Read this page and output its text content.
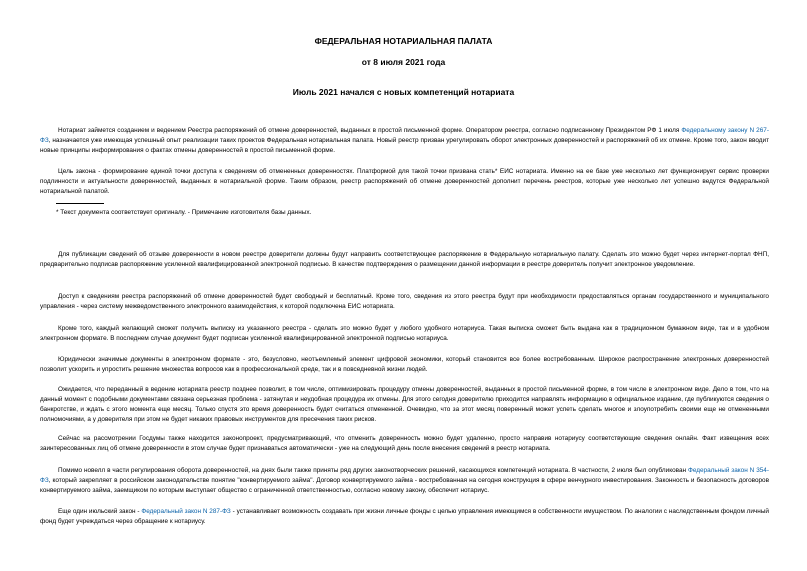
ФЕДЕРАЛЬНАЯ НОТАРИАЛЬНАЯ ПАЛАТА
от 8 июля 2021 года
Июль 2021 начался с новых компетенций нотариата

Нотариат займется созданием и ведением Реестра распоряжений об отмене доверенностей, выданных в простой письменной форме. Оператором реестра, согласно подписанному Президентом РФ 1 июля Федеральному закону N 267-ФЗ, назначается уже имеющая успешный опыт реализации таких проектов Федеральная нотариальная палата. Новый реестр призван урегулировать оборот электронных доверенностей и распоряжений об их отмене. Кроме того, закон вводит новые принципы информирования о фактах отмены доверенностей в простой письменной форме.

Цель закона - формирование единой точки доступа к сведениям об отмененных доверенностях. Платформой для такой точки призвана стать* ЕИС нотариата. Именно на ее базе уже несколько лет функционирует сервис проверки подлинности и актуальности доверенностей, выданных в нотариальной форме. Таким образом, реестр распоряжений об отмене доверенностей дополнит перечень реестров, которые уже несколько лет успешно ведутся Федеральной нотариальной палатой.

* Текст документа соответствует оригиналу. - Примечание изготовителя базы данных.

Для публикации сведений об отзыве доверенности в новом реестре доверители должны будут направить соответствующее распоряжение в Федеральную нотариальную палату. Сделать это можно будет через интернет-портал ФНП, предварительно подписав распоряжение усиленной квалифицированной электронной подписью. В качестве подтверждения о размещении данной информации в реестре доверитель получит электронное уведомление.

Доступ к сведениям реестра распоряжений об отмене доверенностей будет свободный и бесплатный. Кроме того, сведения из этого реестра будут при необходимости предоставляться органам государственного и муниципального управления - через систему межведомственного электронного взаимодействия, к которой подключена ЕИС нотариата.

Кроме того, каждый желающий сможет получить выписку из указанного реестра - сделать это можно будет у любого удобного нотариуса. Такая выписка сможет быть выдана как в традиционном бумажном виде, так и в удобном электронном формате. В последнем случае документ будет подписан усиленной квалифицированной электронной подписью нотариуса.

Юридически значимые документы в электронном формате - это, безусловно, неотъемлемый элемент цифровой экономики, который становится все более востребованным. Широкое распространение электронных доверенностей позволит ускорить и упростить решение множества вопросов как в профессиональной среде, так и в повседневной жизни людей.

Ожидается, что переданный в ведение нотариата реестр позднее позволит, в том числе, оптимизировать процедуру отмены доверенностей, выданных в простой письменной форме, в том числе в электронном виде. Дело в том, что на данный момент с подобными документами связана серьезная проблема - затянутая и неудобная процедура их отмены. Для этого сегодня доверителю приходится направлять информацию в официальное издание, где публикуются сведения о банкротстве, и ждать с этого момента еще месяц. Только спустя это время доверенность будет считаться отмененной. Очевидно, что за этот месяц поверенный может успеть сделать многое и злоупотребить своими еще не отмененными полномочиями, а у доверителя при этом не будет никаких правовых инструментов для пресечения таких рисков.

Сейчас на рассмотрении Госдумы также находится законопроект, предусматривающий, что отменить доверенность можно будет удаленно, просто направив нотариусу соответствующие сведения онлайн. Факт извещения всех заинтересованных лиц об отмене доверенности в этом случае будет признаваться автоматически - уже на следующий день после внесения сведений в реестр нотариата.

Помимо новелл в части регулирования оборота доверенностей, на днях были также приняты ряд других законотворческих решений, касающихся компетенций нотариата. В частности, 2 июля был опубликован Федеральный закон N 354-ФЗ, который закрепляет в российском законодательстве понятие "конвертируемого займа". Договор конвертируемого займа - востребованная на сегодня конструкция в сфере венчурного инвестирования. Законность и безопасность договоров конвертируемого займа, заемщиком по которым выступает общество с ограниченной ответственностью, согласно новому закону, обеспечит нотариус.

Еще один июльский закон - Федеральный закон N 287-ФЗ - устанавливает возможность создавать при жизни личные фонды с целью управления имеющимся в собственности имуществом. По аналогии с наследственным фондом личный фонд будет учреждаться через обращение к нотариусу.
